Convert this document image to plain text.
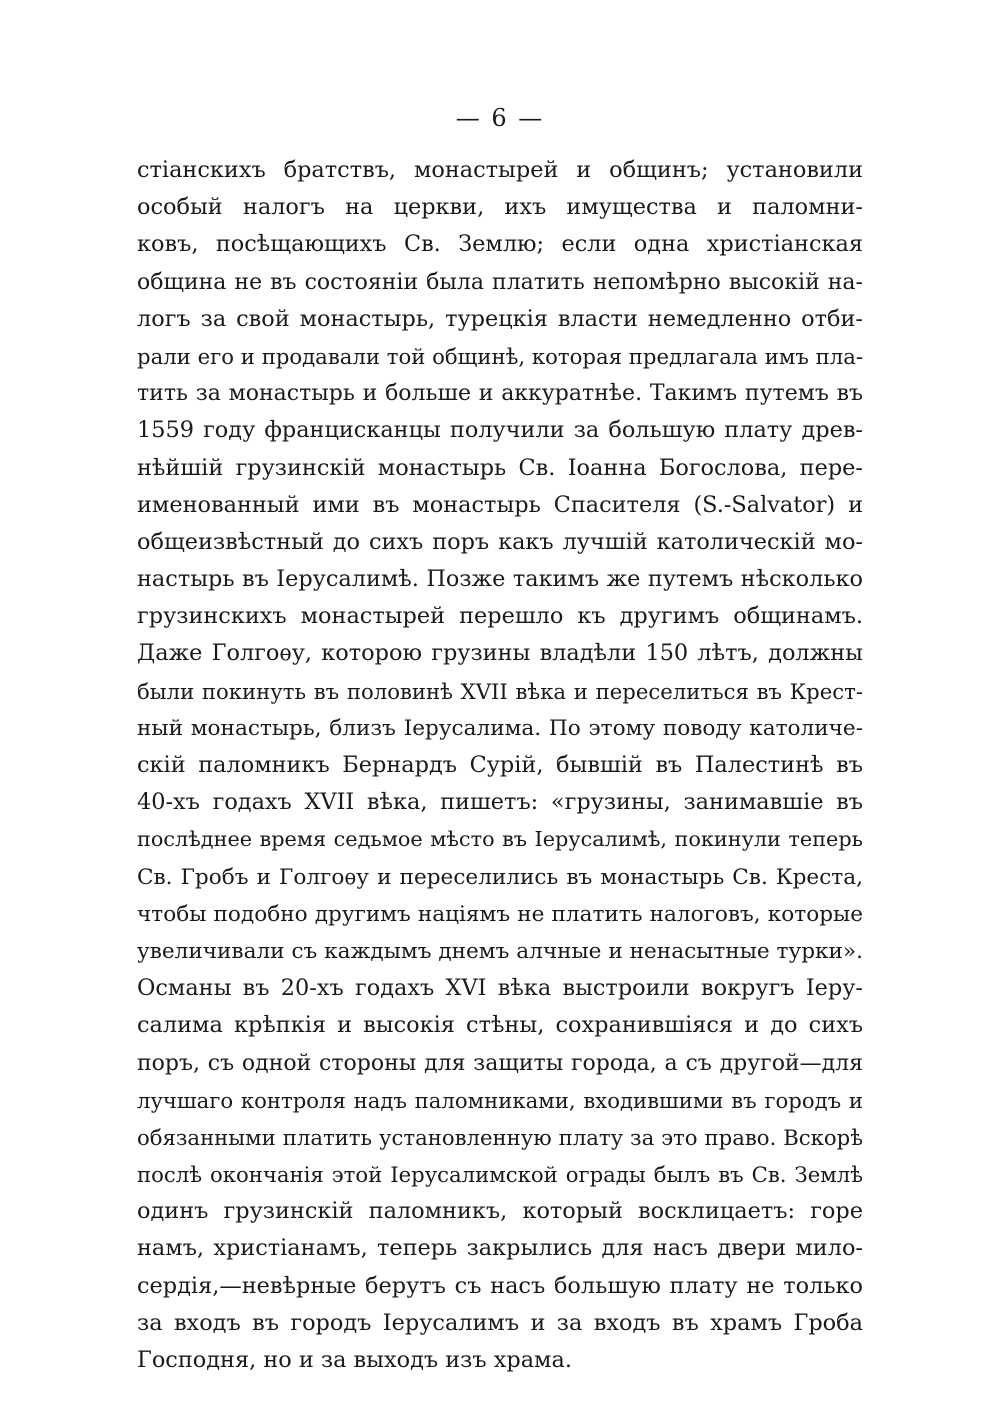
— 6 —
стіанскихъ братствъ, монастырей и общинъ; установили
особый налогъ на церкви, ихъ имущества и паломни-
ковъ, посѣщающихъ Св. Землю; если одна христіанская
община не въ состояніи была платить непомѣрно высокій на-
логъ за свой монастырь, турецкія власти немедленно отби-
рали его и продавали той общинѣ, которая предлагала имъ пла-
тить за монастырь и больше и аккуратнѣе. Такимъ путемъ въ
1559 году францисканцы получили за большую плату древ-
нѣйшій грузинскій монастырь Св. Іоанна Богослова, пере-
именованный ими въ монастырь Спасителя (S.-Salvator) и
общеизвѣстный до сихъ поръ какъ лучшій католическій мо-
настырь въ Іерусалимѣ. Позже такимъ же путемъ нѣсколько
грузинскихъ монастырей перешло къ другимъ общинамъ.
Даже Голгоѳу, которою грузины владѣли 150 лѣтъ, должны
были покинуть въ половинѣ XVII вѣка и переселиться въ Крест-
ный монастырь, близъ Іерусалима. По этому поводу католиче-
скій паломникъ Бернардъ Сурій, бывшій въ Палестинѣ въ
40-хъ годахъ XVII вѣка, пишетъ: «грузины, занимавшіе въ
послѣднее время седьмое мѣсто въ Іерусалимѣ, покинули теперь
Св. Гробъ и Голгоѳу и переселились въ монастырь Св. Креста,
чтобы подобно другимъ націямъ не платить налоговъ, которые
увеличивали съ каждымъ днемъ алчные и ненасытные турки».
Османы въ 20-хъ годахъ XVI вѣка выстроили вокругъ Іеру-
салима крѣпкія и высокія стѣны, сохранившіяся и до сихъ
поръ, съ одной стороны для защиты города, а съ другой—для
лучшаго контроля надъ паломниками, входившими въ городъ и
обязанными платить установленную плату за это право. Вскорѣ
послѣ окончанія этой Іерусалимской ограды былъ въ Св. Землѣ
одинъ грузинскій паломникъ, который восклицаетъ: горе
намъ, христіанамъ, теперь закрылись для насъ двери мило-
сердія,—невѣрные берутъ съ насъ большую плату не только
за входъ въ городъ Іерусалимъ и за входъ въ храмъ Гроба
Господня, но и за выходъ изъ храма.
